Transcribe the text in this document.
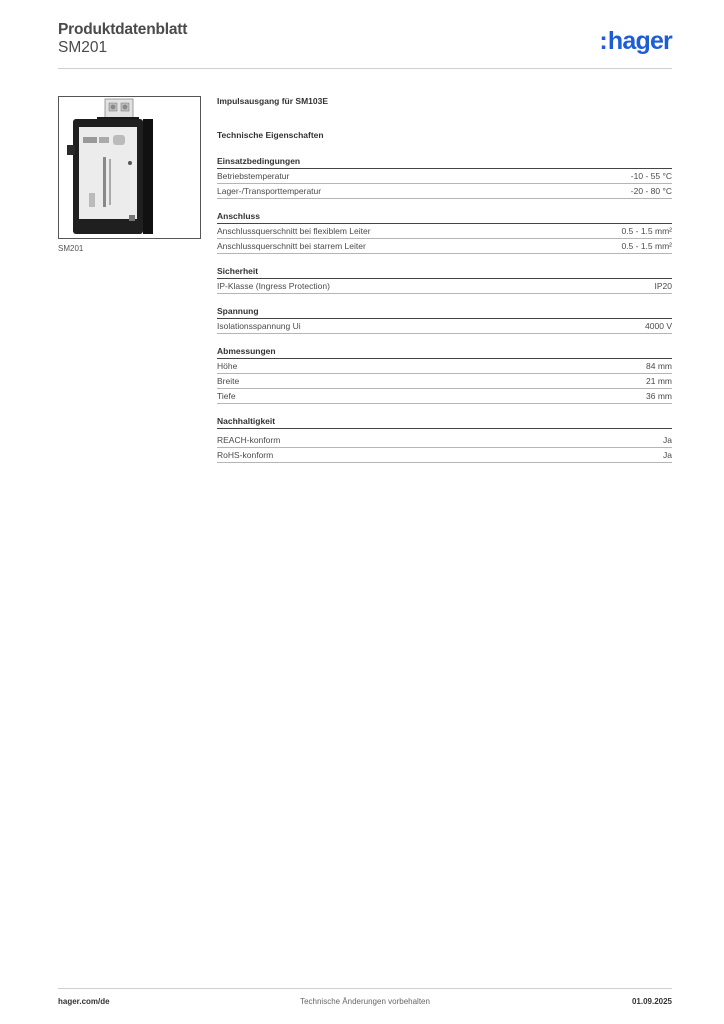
Produktdatenblatt
SM201	:hager
SM201
Impulsausgang für SM103E
Technische Eigenschaften
Einsatzbedingungen
Betriebstemperatur	-10 - 55 °C
Lager-/Transporttemperatur	-20 - 80 °C
Anschluss
Anschlussquerschnitt bei flexiblem Leiter	0.5 - 1.5 mm²
Anschlussquerschnitt bei starrem Leiter	0.5 - 1.5 mm²
Sicherheit
IP-Klasse (Ingress Protection)	IP20
Spannung
Isolationsspannung Ui	4000 V
Abmessungen
Höhe	84 mm
Breite	21 mm
Tiefe	36 mm
Nachhaltigkeit
REACH-konform	Ja
RoHS-konform	Ja
Technische Änderungen vorbehalten
hager.com/de	01.09.2025
